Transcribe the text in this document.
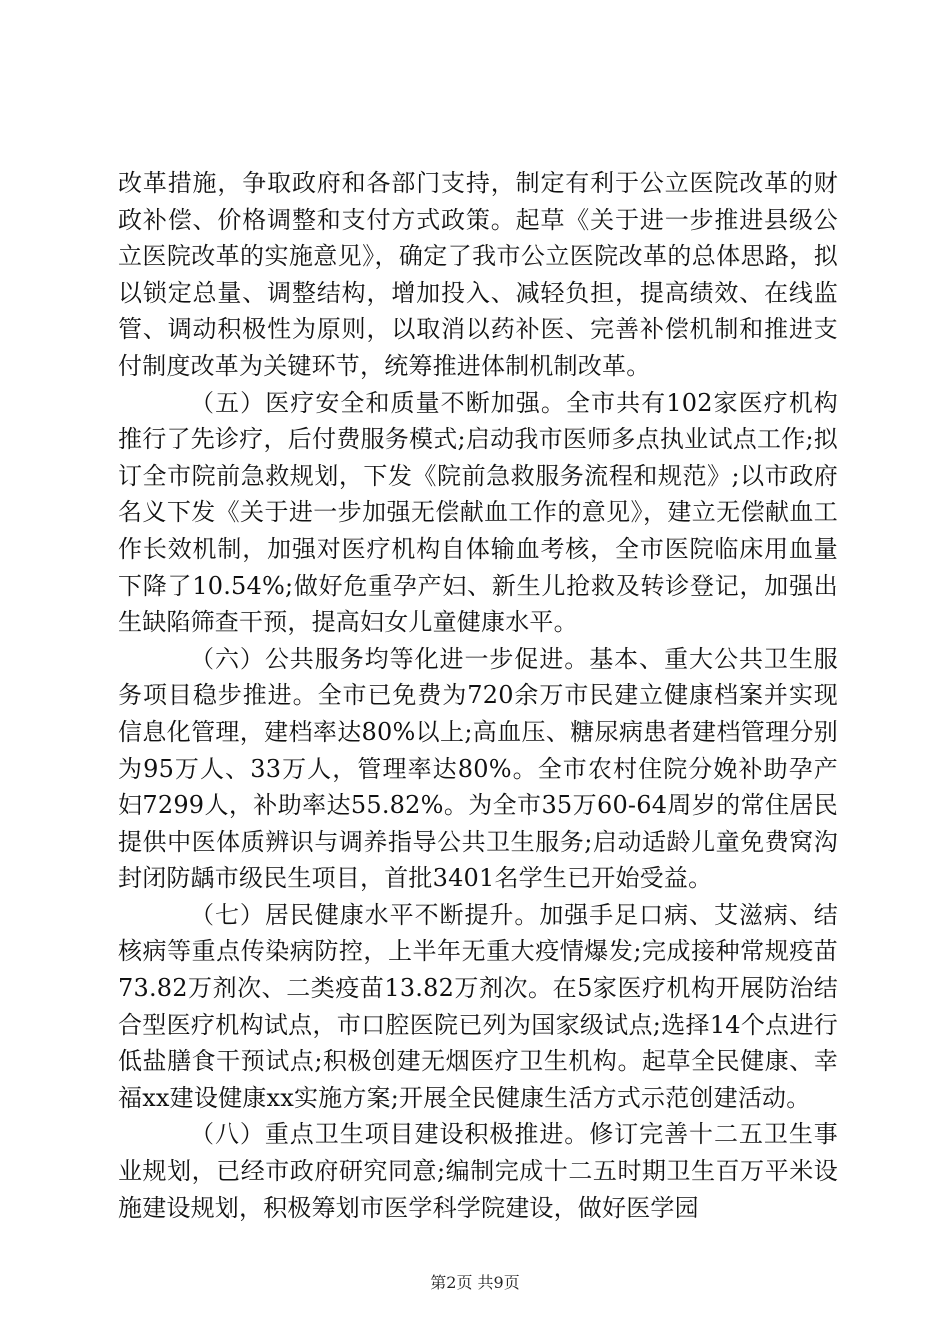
改革措施，争取政府和各部门支持，制定有利于公立医院改革的财政补偿、价格调整和支付方式政策。起草《关于进一步推进县级公立医院改革的实施意见》，确定了我市公立医院改革的总体思路，拟以锁定总量、调整结构，增加投入、减轻负担，提高绩效、在线监管、调动积极性为原则，以取消以药补医、完善补偿机制和推进支付制度改革为关键环节，统筹推进体制机制改革。

（五）医疗安全和质量不断加强。全市共有102家医疗机构推行了先诊疗，后付费服务模式;启动我市医师多点执业试点工作;拟订全市院前急救规划，下发《院前急救服务流程和规范》;以市政府名义下发《关于进一步加强无偿献血工作的意见》，建立无偿献血工作长效机制，加强对医疗机构自体输血考核，全市医院临床用血量下降了10.54%;做好危重孕产妇、新生儿抢救及转诊登记，加强出生缺陷筛查干预，提高妇女儿童健康水平。

（六）公共服务均等化进一步促进。基本、重大公共卫生服务项目稳步推进。全市已免费为720余万市民建立健康档案并实现信息化管理，建档率达80%以上;高血压、糖尿病患者建档管理分别为95万人、33万人，管理率达80%。全市农村住院分娩补助孕产妇7299人，补助率达55.82%。为全市35万60-64周岁的常住居民提供中医体质辨识与调养指导公共卫生服务;启动适龄儿童免费窝沟封闭防龋市级民生项目，首批3401名学生已开始受益。

（七）居民健康水平不断提升。加强手足口病、艾滋病、结核病等重点传染病防控，上半年无重大疫情爆发;完成接种常规疫苗73.82万剂次、二类疫苗13.82万剂次。在5家医疗机构开展防治结合型医疗机构试点，市口腔医院已列为国家级试点;选择14个点进行低盐膳食干预试点;积极创建无烟医疗卫生机构。起草全民健康、幸福xx建设健康xx实施方案;开展全民健康生活方式示范创建活动。

（八）重点卫生项目建设积极推进。修订完善十二五卫生事业规划，已经市政府研究同意;编制完成十二五时期卫生百万平米设施建设规划，积极筹划市医学科学院建设，做好医学园

第2页 共9页
